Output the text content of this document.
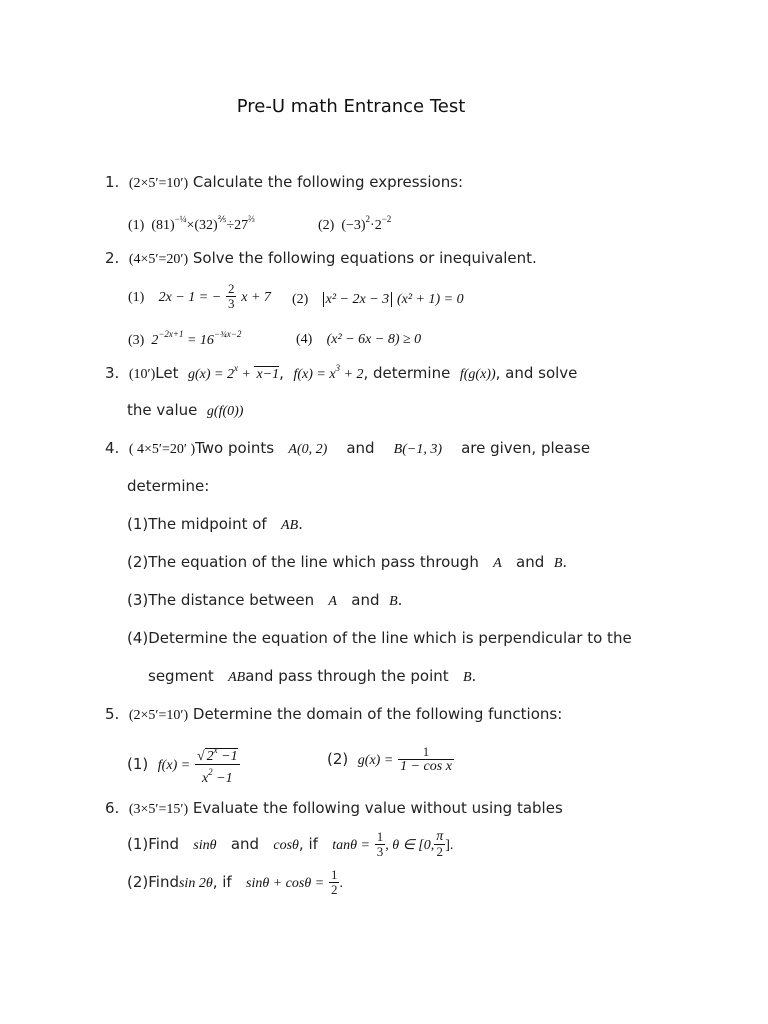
Pre-U math Entrance Test
1. (2×5′=10′) Calculate the following expressions:
(1)  $(81)^{-\frac{1}{4}}\times(32)^{\frac{2}{5}}\div 27^{\frac{2}{3}}$	(2)  $(-3)^2\cdot 2^{-2}$
2. (4×5′=20′) Solve the following equations or inequivalent.
(1) 2x − 1 = − $\frac{2}{3}$ x + 7 (2) x² − 2x − 3 (x² + 1) = 0
(3)  $2^{-2x+1} = 16^{-\frac{3}{4}x-2}$	(4) (x² − 6x − 8) ≥ 0
3. (10′)Let $g(x) = 2^x + x-1$,  $f(x) = x^3 + 2$, determine f(g(x)), and solve
the value g(f(0))
4. ( 4×5′=20′ )Two points A(0, 2) and B(−1, 3) are given, please
determine:
(1)The midpoint of AB.
(2)The equation of the line which pass through A and B.
(3)The distance between A and B.
(4)Determine the equation of the line which is perpendicular to the
segment ABand pass through the point B.
5. (2×5′=10′) Determine the domain of the following functions:
(1) $f(x) = \frac{√ 2^x -1}{x^2 -1}$	(2) $g(x) = \frac{1}{\text{1 − cos x}}$
6. (3×5′=15′) Evaluate the following value without using tables
(1)Find sinθ and cosθ, if $\tan\theta = \frac{1}{3}$ , θ ∈ [0, $\frac{\pi}{2}$ ].
(2)Findsin 2θ, if $\sin\theta + \cos\theta = \frac{1}{2}$ .
